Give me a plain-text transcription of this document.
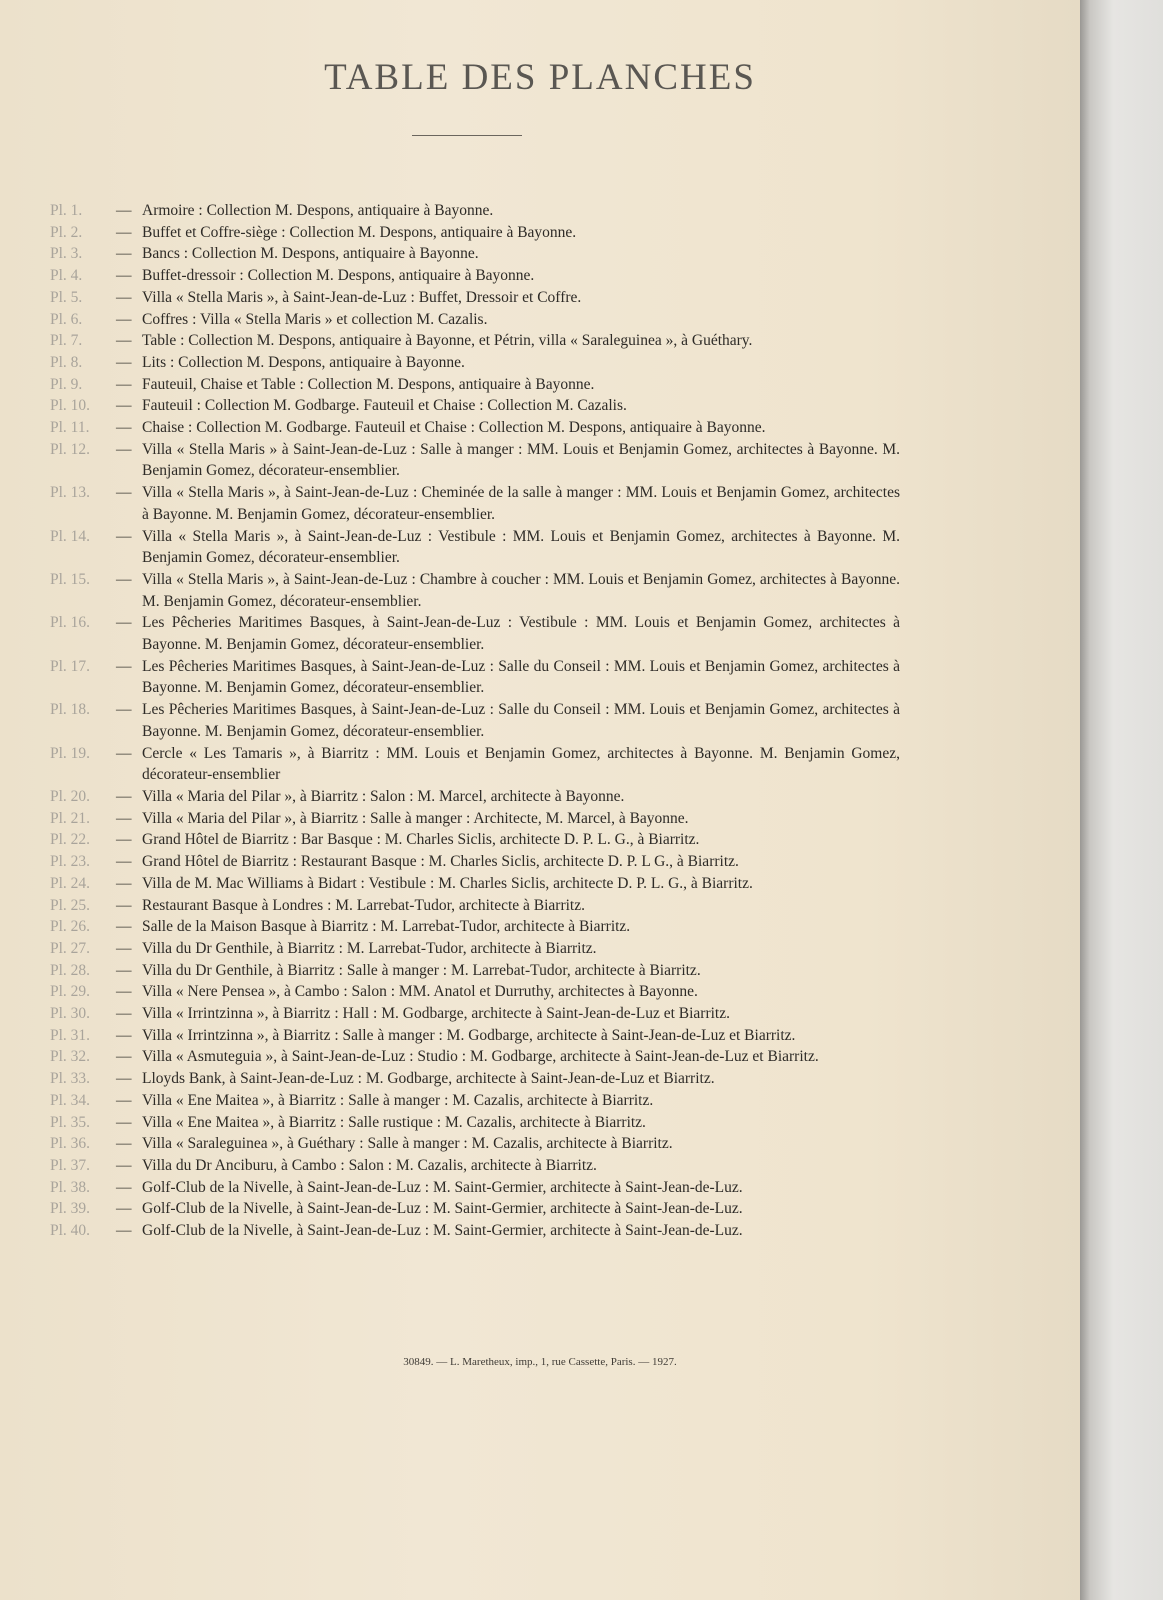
TABLE DES PLANCHES
Pl. 1.	— Armoire : Collection M. Despons, antiquaire à Bayonne.
Pl. 2.	— Buffet et Coffre-siège : Collection M. Despons, antiquaire à Bayonne.
Pl. 3.	— Bancs : Collection M. Despons, antiquaire à Bayonne.
Pl. 4.	— Buffet-dressoir : Collection M. Despons, antiquaire à Bayonne.
Pl. 5.	— Villa « Stella Maris », à Saint-Jean-de-Luz : Buffet, Dressoir et Coffre.
Pl. 6.	— Coffres : Villa « Stella Maris » et collection M. Cazalis.
Pl. 7.	— Table : Collection M. Despons, antiquaire à Bayonne, et Pétrin, villa « Saraleguinea », à Guéthary.
Pl. 8.	— Lits : Collection M. Despons, antiquaire à Bayonne.
Pl. 9.	— Fauteuil, Chaise et Table : Collection M. Despons, antiquaire à Bayonne.
Pl. 10.	— Fauteuil : Collection M. Godbarge. Fauteuil et Chaise : Collection M. Cazalis.
Pl. 11.	— Chaise : Collection M. Godbarge. Fauteuil et Chaise : Collection M. Despons, antiquaire à Bayonne.
Pl. 12.	— Villa « Stella Maris » à Saint-Jean-de-Luz : Salle à manger : MM. Louis et Benjamin Gomez, architectes à Bayonne. M. Benjamin Gomez, décorateur-ensemblier.
Pl. 13.	— Villa « Stella Maris », à Saint-Jean-de-Luz : Cheminée de la salle à manger : MM. Louis et Benjamin Gomez, architectes à Bayonne. M. Benjamin Gomez, décorateur-ensemblier.
Pl. 14.	— Villa « Stella Maris », à Saint-Jean-de-Luz : Vestibule : MM. Louis et Benjamin Gomez, architectes à Bayonne. M. Benjamin Gomez, décorateur-ensemblier.
Pl. 15.	— Villa « Stella Maris », à Saint-Jean-de-Luz : Chambre à coucher : MM. Louis et Benjamin Gomez, architectes à Bayonne. M. Benjamin Gomez, décorateur-ensemblier.
Pl. 16.	— Les Pêcheries Maritimes Basques, à Saint-Jean-de-Luz : Vestibule : MM. Louis et Benjamin Gomez, architectes à Bayonne. M. Benjamin Gomez, décorateur-ensemblier.
Pl. 17.	— Les Pêcheries Maritimes Basques, à Saint-Jean-de-Luz : Salle du Conseil : MM. Louis et Benjamin Gomez, architectes à Bayonne. M. Benjamin Gomez, décorateur-ensemblier.
Pl. 18.	— Les Pêcheries Maritimes Basques, à Saint-Jean-de-Luz : Salle du Conseil : MM. Louis et Benjamin Gomez, architectes à Bayonne. M. Benjamin Gomez, décorateur-ensemblier.
Pl. 19.	— Cercle « Les Tamaris », à Biarritz : MM. Louis et Benjamin Gomez, architectes à Bayonne. M. Benjamin Gomez, décorateur-ensemblier
Pl. 20.	— Villa « Maria del Pilar », à Biarritz : Salon : M. Marcel, architecte à Bayonne.
Pl. 21.	— Villa « Maria del Pilar », à Biarritz : Salle à manger : Architecte, M. Marcel, à Bayonne.
Pl. 22.	— Grand Hôtel de Biarritz : Bar Basque : M. Charles Siclis, architecte D. P. L. G., à Biarritz.
Pl. 23.	— Grand Hôtel de Biarritz : Restaurant Basque : M. Charles Siclis, architecte D. P. L G., à Biarritz.
Pl. 24.	— Villa de M. Mac Williams à Bidart : Vestibule : M. Charles Siclis, architecte D. P. L. G., à Biarritz.
Pl. 25.	— Restaurant Basque à Londres : M. Larrebat-Tudor, architecte à Biarritz.
Pl. 26.	— Salle de la Maison Basque à Biarritz : M. Larrebat-Tudor, architecte à Biarritz.
Pl. 27.	— Villa du Dr Genthile, à Biarritz : M. Larrebat-Tudor, architecte à Biarritz.
Pl. 28.	— Villa du Dr Genthile, à Biarritz : Salle à manger : M. Larrebat-Tudor, architecte à Biarritz.
Pl. 29.	— Villa « Nere Pensea », à Cambo : Salon : MM. Anatol et Durruthy, architectes à Bayonne.
Pl. 30.	— Villa « Irrintzinna », à Biarritz : Hall : M. Godbarge, architecte à Saint-Jean-de-Luz et Biarritz.
Pl. 31.	— Villa « Irrintzinna », à Biarritz : Salle à manger : M. Godbarge, architecte à Saint-Jean-de-Luz et Biarritz.
Pl. 32.	— Villa « Asmuteguia », à Saint-Jean-de-Luz : Studio : M. Godbarge, architecte à Saint-Jean-de-Luz et Biarritz.
Pl. 33.	— Lloyds Bank, à Saint-Jean-de-Luz : M. Godbarge, architecte à Saint-Jean-de-Luz et Biarritz.
Pl. 34.	— Villa « Ene Maitea », à Biarritz : Salle à manger : M. Cazalis, architecte à Biarritz.
Pl. 35.	— Villa « Ene Maitea », à Biarritz : Salle rustique : M. Cazalis, architecte à Biarritz.
Pl. 36.	— Villa « Saraleguinea », à Guéthary : Salle à manger : M. Cazalis, architecte à Biarritz.
Pl. 37.	— Villa du Dr Anciburu, à Cambo : Salon : M. Cazalis, architecte à Biarritz.
Pl. 38.	— Golf-Club de la Nivelle, à Saint-Jean-de-Luz : M. Saint-Germier, architecte à Saint-Jean-de-Luz.
Pl. 39.	— Golf-Club de la Nivelle, à Saint-Jean-de-Luz : M. Saint-Germier, architecte à Saint-Jean-de-Luz.
Pl. 40.	— Golf-Club de la Nivelle, à Saint-Jean-de-Luz : M. Saint-Germier, architecte à Saint-Jean-de-Luz.
30849. — L. Maretheux, imp., 1, rue Cassette, Paris. — 1927.
